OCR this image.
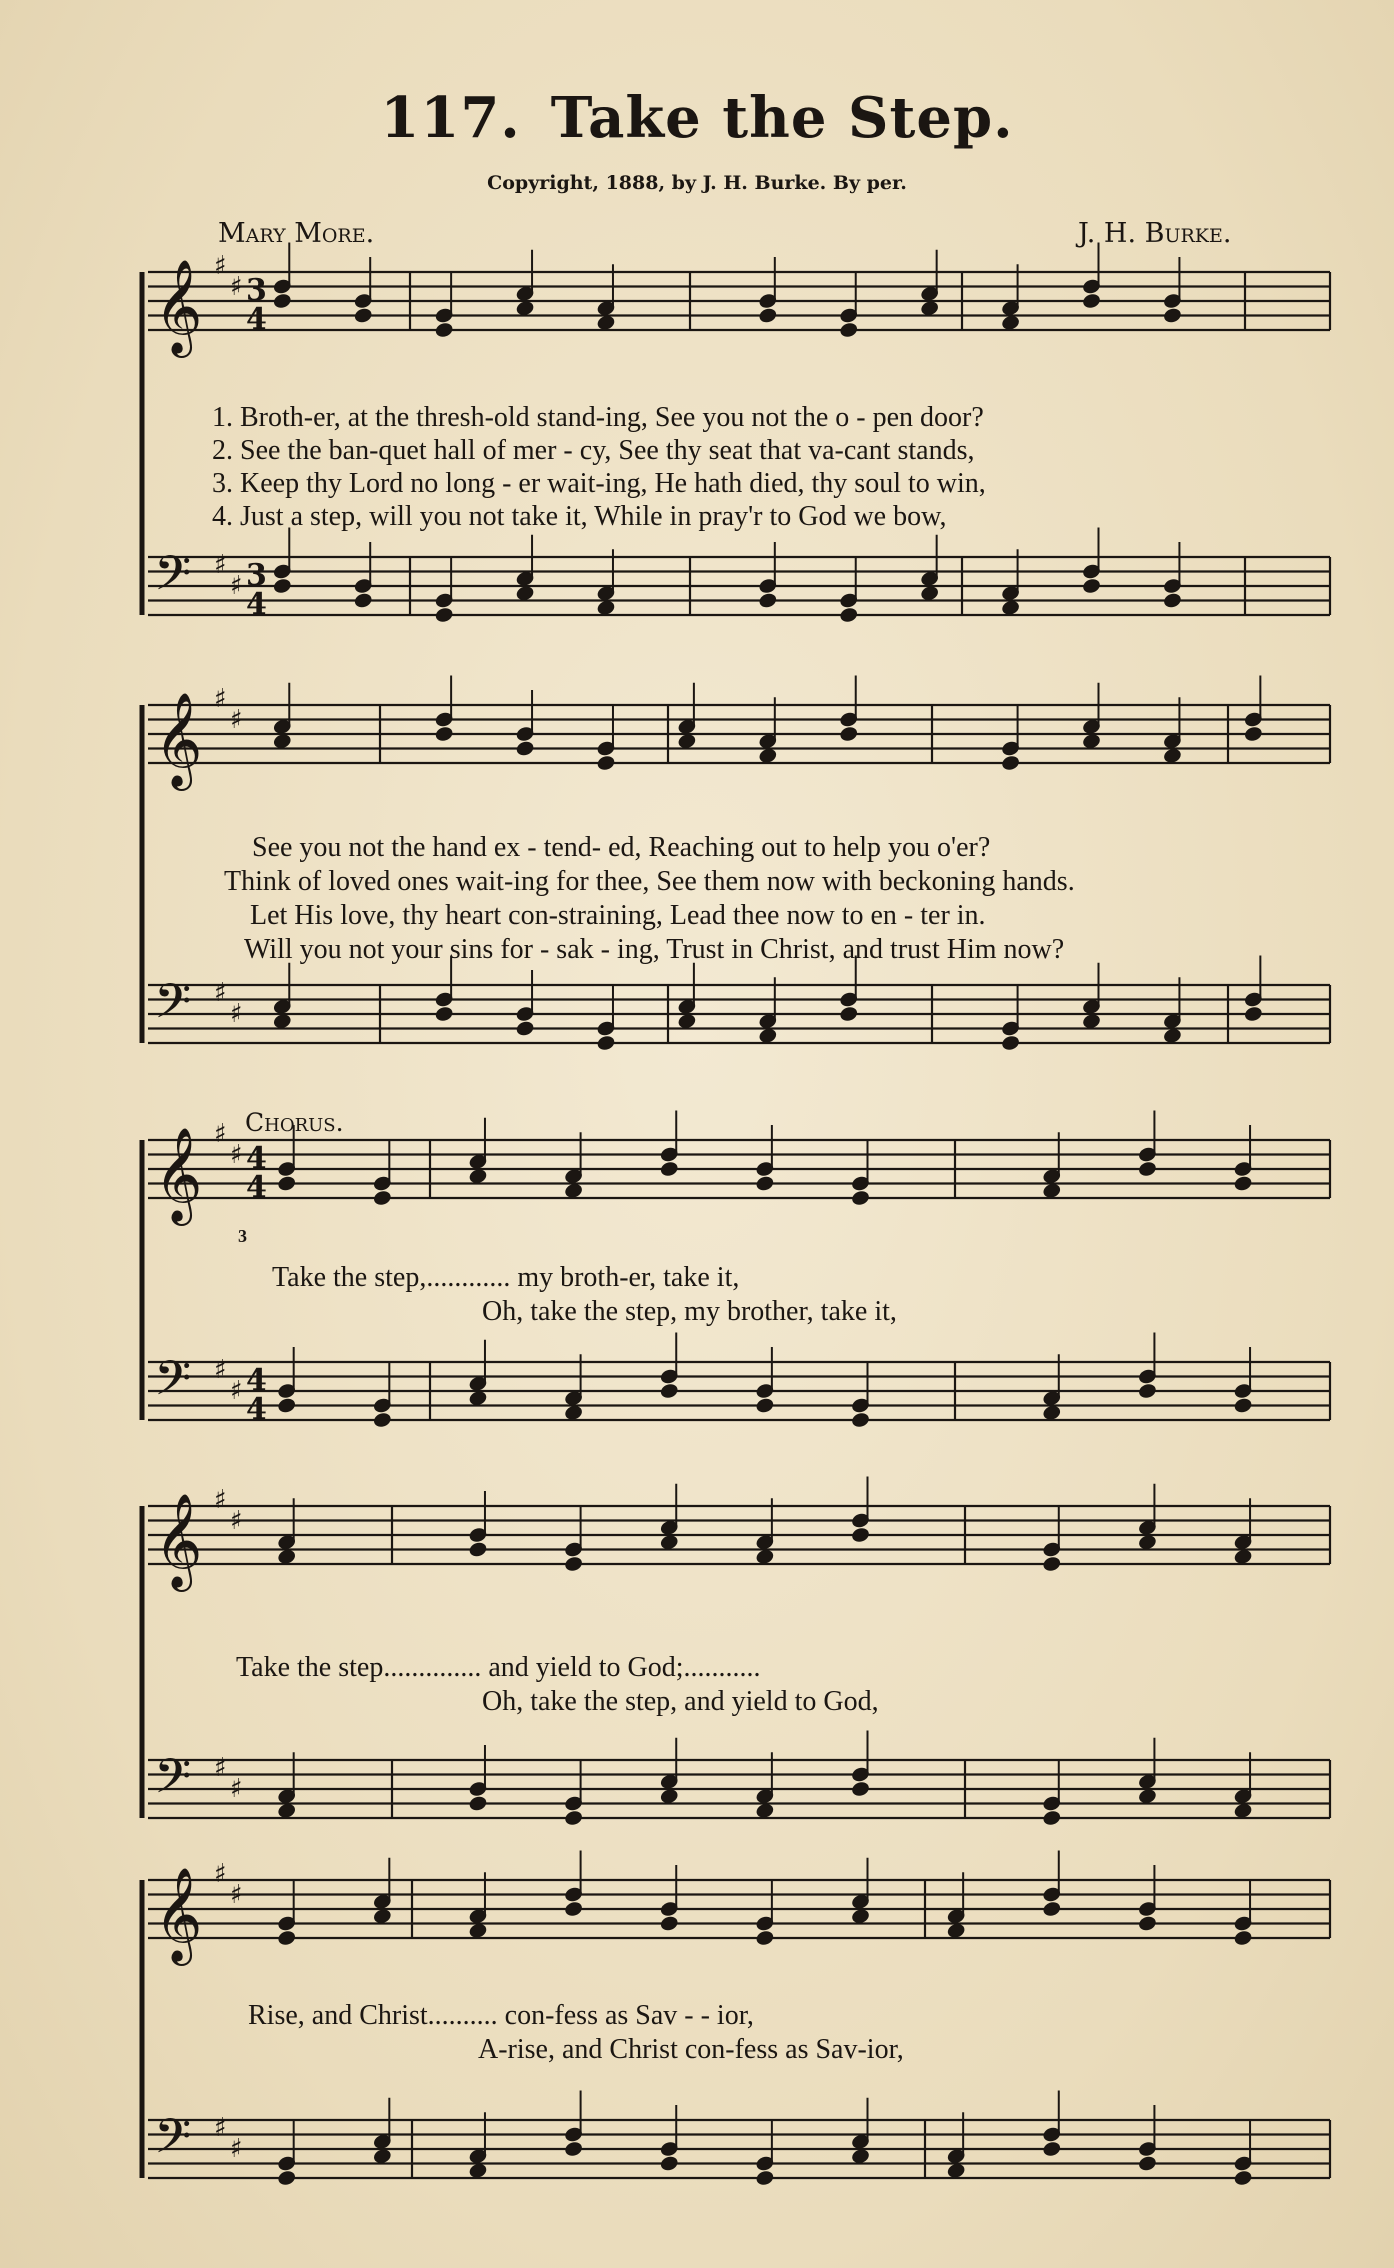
117. Take the Step.
Copyright, 1888, by J. H. Burke. By per.
Mary More.	J. H. Burke.
𝄞 ♯
♯
𝄢 ♯
♯
𝄞 ♯
♯
𝄢 ♯
♯
𝄞 ♯
♯
𝄢 ♯
♯
𝄞 ♯
♯
𝄢 ♯
♯
𝄞 ♯
♯
𝄢 ♯
♯
3
4
3
4
4
4
4
4
1. Broth-er, at the thresh-old stand-ing, See you not the o - pen door?
2. See the ban-quet hall of mer - cy, See thy seat that va-cant stands,
3. Keep thy Lord no long - er wait-ing, He hath died, thy soul to win,
4. Just a step, will you not take it, While in pray'r to God we bow,
See you not the hand ex - tend- ed, Reaching out to help you o'er?
Think of loved ones wait-ing for thee, See them now with beckoning hands.
Let His love, thy heart con-straining, Lead thee now to en - ter in.
Will you not your sins for - sak - ing, Trust in Christ, and trust Him now?
Chorus.
3
Take the step,............ my broth-er, take it,
Oh, take the step, my brother, take it,
Take the step.............. and yield to God;...........
Oh, take the step, and yield to God,
Rise, and Christ.......... con-fess as Sav - - ior,
A-rise, and Christ con-fess as Sav-ior,
